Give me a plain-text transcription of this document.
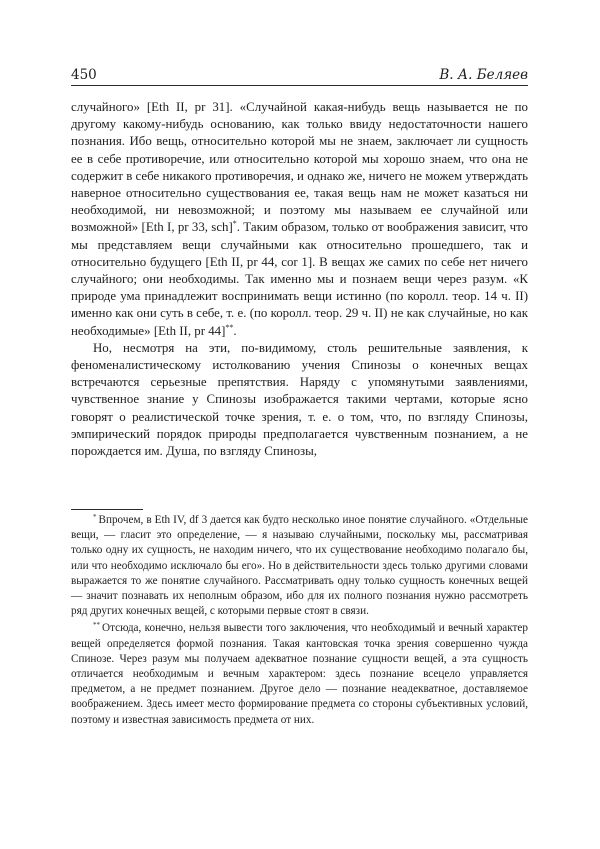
450	В. А. Беляев

случайного» [Eth II, pr 31]. «Случайной какая-нибудь вещь называется не по другому какому-нибудь основанию, как только ввиду недостаточности нашего познания. Ибо вещь, относительно которой мы не знаем, заключает ли сущность ее в себе противоречие, или относительно которой мы хорошо знаем, что она не содержит в себе никакого противоречия, и однако же, ничего не можем утверждать наверное относительно существования ее, такая вещь нам не может казаться ни необходимой, ни невозможной; и поэтому мы называем ее случайной или возможной» [Eth I, pr 33, sch]*. Таким образом, только от воображения зависит, что мы представляем вещи случайными как относительно прошедшего, так и относительно будущего [Eth II, pr 44, cor 1]. В вещах же самих по себе нет ничего случайного; они необходимы. Так именно мы и познаем вещи через разум. «К природе ума принадлежит воспринимать вещи истинно (по королл. теор. 14 ч. II) именно как они суть в себе, т. е. (по королл. теор. 29 ч. II) не как случайные, но как необходимые» [Eth II, pr 44]**.

Но, несмотря на эти, по-видимому, столь решительные заявления, к феноменалистическому истолкованию учения Спинозы о конечных вещах встречаются серьезные препятствия. Наряду с упомянутыми заявлениями, чувственное знание у Спинозы изображается такими чертами, которые ясно говорят о реалистической точке зрения, т. е. о том, что, по взгляду Спинозы, эмпирический порядок природы предполагается чувственным познанием, а не порождается им. Душа, по взгляду Спинозы,

* Впрочем, в Eth IV, df 3 дается как будто несколько иное понятие случайного. «Отдельные вещи, — гласит это определение, — я называю случайными, поскольку мы, рассматривая только одну их сущность, не находим ничего, что их существование необходимо полагало бы, или что необходимо исключало бы его». Но в действительности здесь только другими словами выражается то же понятие случайного. Рассматривать одну только сущность конечных вещей — значит познавать их неполным образом, ибо для их полного познания нужно рассмотреть ряд других конечных вещей, с которыми первые стоят в связи.

** Отсюда, конечно, нельзя вывести того заключения, что необходимый и вечный характер вещей определяется формой познания. Такая кантовская точка зрения совершенно чужда Спинозе. Через разум мы получаем адекватное познание сущности вещей, а эта сущность отличается необходимым и вечным характером: здесь познание всецело управляется предметом, а не предмет познанием. Другое дело — познание неадекватное, доставляемое воображением. Здесь имеет место формирование предмета со стороны субъективных условий, поэтому и известная зависимость предмета от них.
